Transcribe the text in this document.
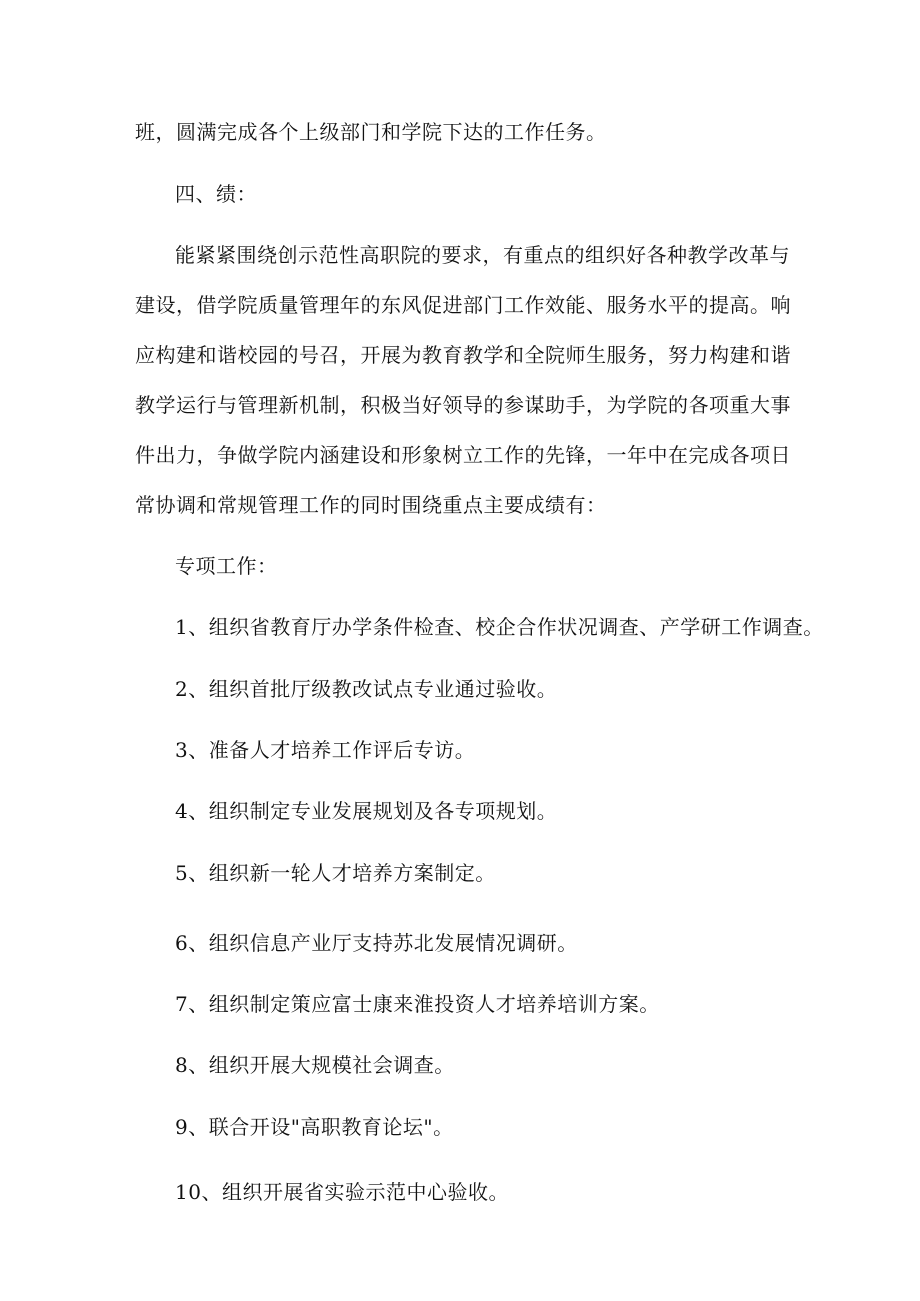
班，圆满完成各个上级部门和学院下达的工作任务。
四、绩：
能紧紧围绕创示范性高职院的要求，有重点的组织好各种教学改革与
建设，借学院质量管理年的东风促进部门工作效能、服务水平的提高。响
应构建和谐校园的号召，开展为教育教学和全院师生服务，努力构建和谐
教学运行与管理新机制，积极当好领导的参谋助手，为学院的各项重大事
件出力，争做学院内涵建设和形象树立工作的先锋，一年中在完成各项日
常协调和常规管理工作的同时围绕重点主要成绩有：
专项工作：
1、组织省教育厅办学条件检查、校企合作状况调查、产学研工作调查。
2、组织首批厅级教改试点专业通过验收。
3、准备人才培养工作评后专访。
4、组织制定专业发展规划及各专项规划。
5、组织新一轮人才培养方案制定。
6、组织信息产业厅支持苏北发展情况调研。
7、组织制定策应富士康来淮投资人才培养培训方案。
8、组织开展大规模社会调查。
9、联合开设"高职教育论坛"。
10、组织开展省实验示范中心验收。
